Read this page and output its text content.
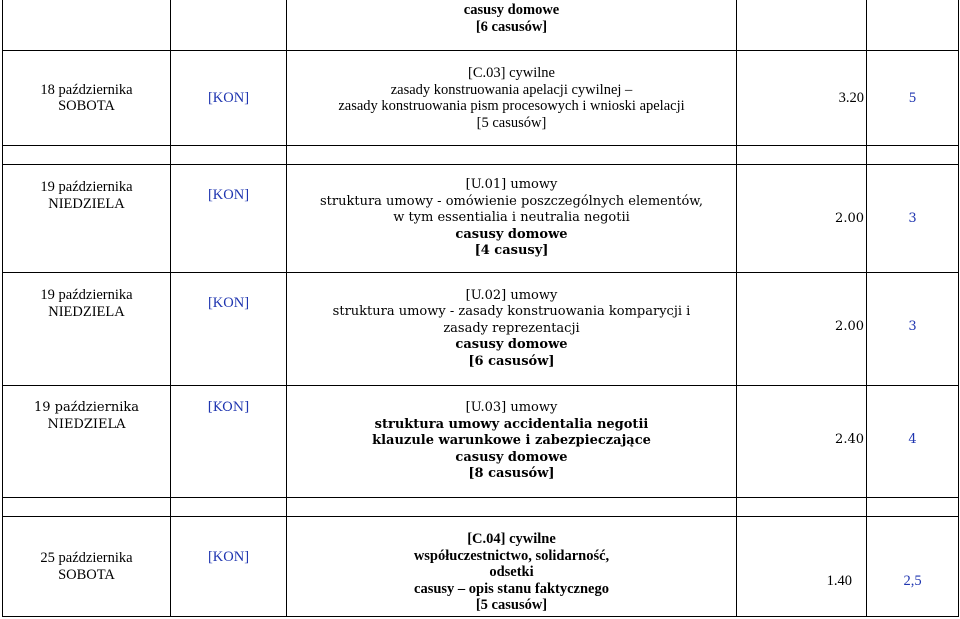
		casusy domowe
[6 casusów]		

18 października
SOBOTA	[KON]	[C.03] cywilne
zasady konstruowania apelacji cywilnej –
zasady konstruowania pism procesowych i wnioski apelacji
[5 casusów]	3.20	5

19 października
NIEDZIELA	[KON]	[U.01] umowy
struktura umowy - omówienie poszczególnych elementów,
w tym essentialia i neutralia negotii
casusy domowe
[4 casusy]	2.00	3

19 października
NIEDZIELA	[KON]	[U.02] umowy
struktura umowy - zasady konstruowania komparycji i
zasady reprezentacji
casusy domowe
[6 casusów]	2.00	3

19 października
NIEDZIELA	[KON]	[U.03] umowy
struktura umowy accidentalia negotii
klauzule warunkowe i zabezpieczające
casusy domowe
[8 casusów]	2.40	4

25 października
SOBOTA	[KON]	[C.04] cywilne
współuczestnictwo, solidarność,
odsetki
casusy – opis stanu faktycznego
[5 casusów]	1.40	2,5
